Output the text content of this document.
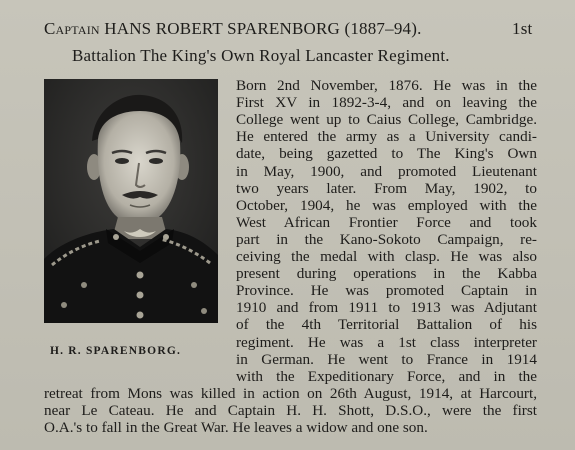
Captain HANS ROBERT SPARENBORG (1887–94).	1st
Battalion The King's Own Royal Lancaster Regiment.
H. R. SPARENBORG.
Born 2nd November, 1876. He was in the
First XV in 1892-3-4, and on leaving the
College went up to Caius College, Cambridge.
He entered the army as a University candi-
date, being gazetted to The King's Own
in May, 1900, and promoted Lieutenant
two years later. From May, 1902, to
October, 1904, he was employed with the
West African Frontier Force and took
part in the Kano-Sokoto Campaign, re-
ceiving the medal with clasp. He was also
present during operations in the Kabba
Province. He was promoted Captain in
1910 and from 1911 to 1913 was Adjutant
of the 4th Territorial Battalion of his
regiment. He was a 1st class interpreter
in German. He went to France in 1914
with the Expeditionary Force, and in the
retreat from Mons was killed in action on 26th August, 1914, at Harcourt,
near Le Cateau. He and Captain H. H. Shott, D.S.O., were the first
O.A.'s to fall in the Great War. He leaves a widow and one son.
